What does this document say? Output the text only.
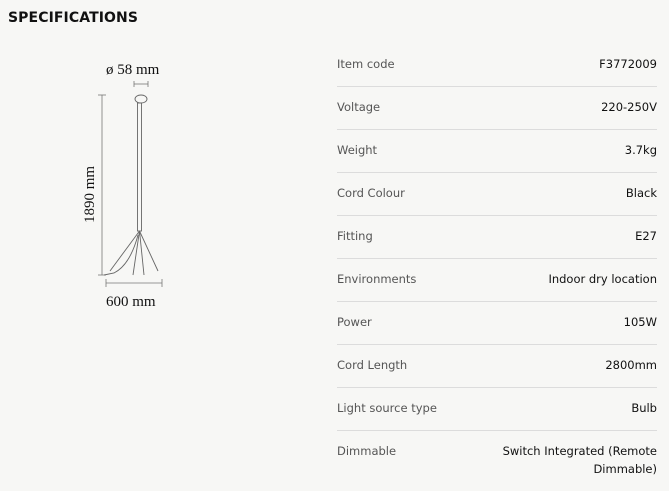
SPECIFICATIONS
ø 58 mm
1890 mm
600 mm
Item code	F3772009
Voltage	220-250V
Weight	3.7kg
Cord Colour	Black
Fitting	E27
Environments	Indoor dry location
Power	105W
Cord Length	2800mm
Light source type	Bulb
Dimmable	Switch Integrated (Remote Dimmable)
